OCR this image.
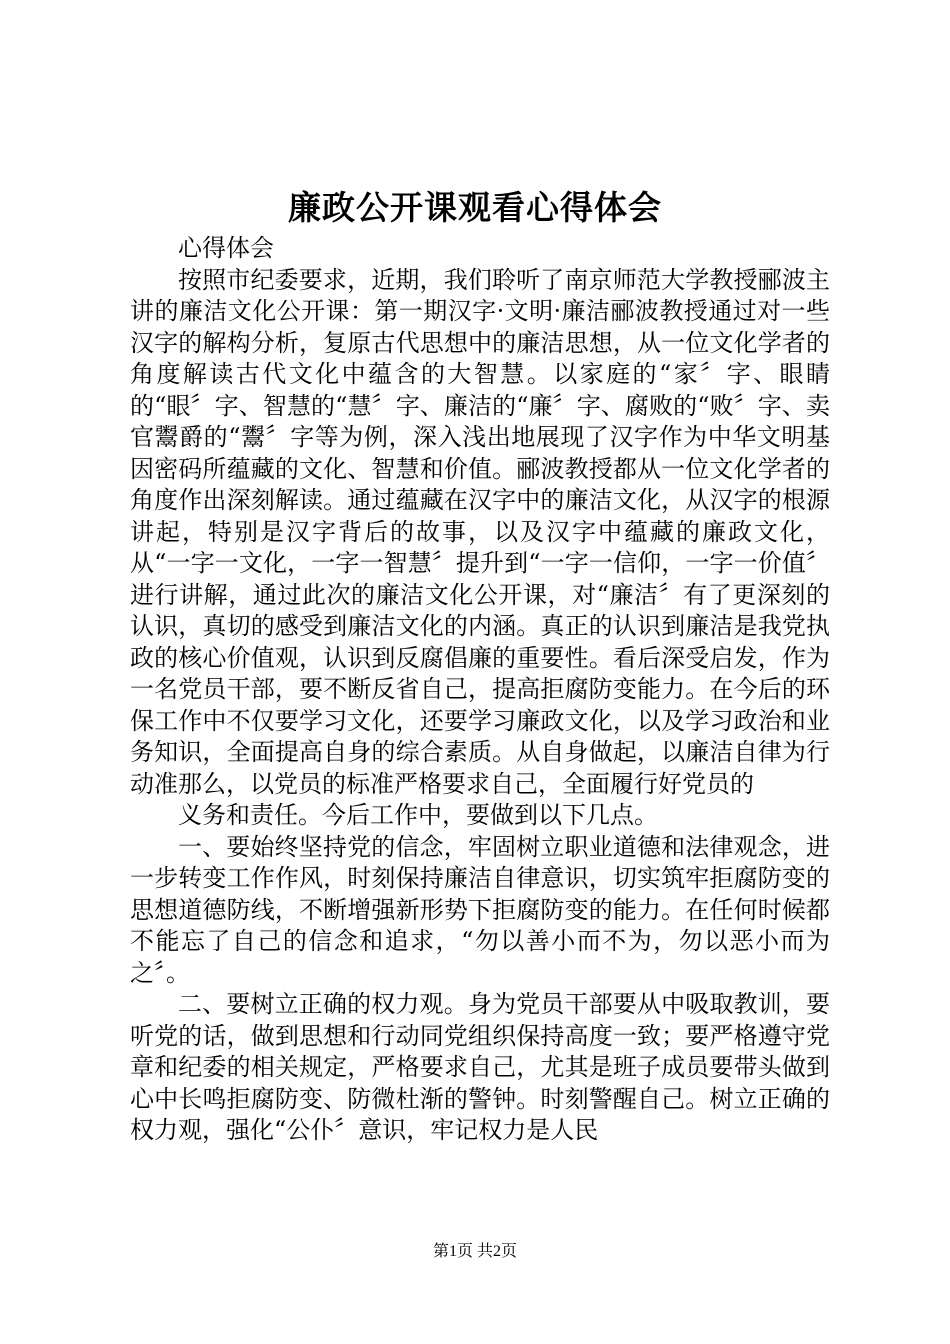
廉政公开课观看心得体会

心得体会

按照市纪委要求，近期，我们聆听了南京师范大学教授郦波主讲的廉洁文化公开课：第一期汉字·文明·廉洁郦波教授通过对一些汉字的解构分析，复原古代思想中的廉洁思想，从一位文化学者的角度解读古代文化中蕴含的大智慧。以家庭的“家〞字、眼睛的“眼〞字、智慧的“慧〞字、廉洁的“廉〞字、腐败的“败〞字、卖官鬻爵的“鬻〞字等为例，深入浅出地展现了汉字作为中华文明基因密码所蕴藏的文化、智慧和价值。郦波教授都从一位文化学者的角度作出深刻解读。通过蕴藏在汉字中的廉洁文化，从汉字的根源讲起，特别是汉字背后的故事，以及汉字中蕴藏的廉政文化，从“一字一文化，一字一智慧〞提升到“一字一信仰，一字一价值〞进行讲解，通过此次的廉洁文化公开课，对“廉洁〞有了更深刻的认识，真切的感受到廉洁文化的内涵。真正的认识到廉洁是我党执政的核心价值观，认识到反腐倡廉的重要性。看后深受启发，作为一名党员干部，要不断反省自己，提高拒腐防变能力。在今后的环保工作中不仅要学习文化，还要学习廉政文化，以及学习政治和业务知识，全面提高自身的综合素质。从自身做起，以廉洁自律为行动准那么，以党员的标准严格要求自己，全面履行好党员的

义务和责任。今后工作中，要做到以下几点。

一、要始终坚持党的信念，牢固树立职业道德和法律观念，进一步转变工作作风，时刻保持廉洁自律意识，切实筑牢拒腐防变的思想道德防线，不断增强新形势下拒腐防变的能力。在任何时候都不能忘了自己的信念和追求，“勿以善小而不为，勿以恶小而为之〞。

二、要树立正确的权力观。身为党员干部要从中吸取教训，要听党的话，做到思想和行动同党组织保持高度一致；要严格遵守党章和纪委的相关规定，严格要求自己，尤其是班子成员要带头做到心中长鸣拒腐防变、防微杜渐的警钟。时刻警醒自己。树立正确的权力观，强化“公仆〞意识，牢记权力是人民

第1页 共2页
